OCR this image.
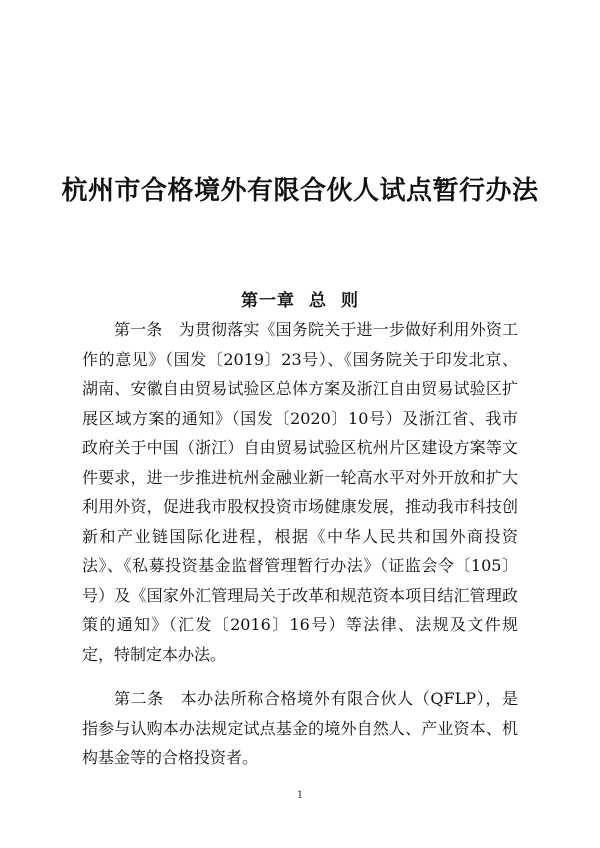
杭州市合格境外有限合伙人试点暂行办法
第一章 总 则

第一条　为贯彻落实《国务院关于进一步做好利用外资工作的意见》（国发〔2019〕23号）、《国务院关于印发北京、湖南、安徽自由贸易试验区总体方案及浙江自由贸易试验区扩展区域方案的通知》（国发〔2020〕10号）及浙江省、我市政府关于中国（浙江）自由贸易试验区杭州片区建设方案等文件要求，进一步推进杭州金融业新一轮高水平对外开放和扩大利用外资，促进我市股权投资市场健康发展，推动我市科技创新和产业链国际化进程，根据《中华人民共和国外商投资法》、《私募投资基金监督管理暂行办法》（证监会令〔105〕号）及《国家外汇管理局关于改革和规范资本项目结汇管理政策的通知》（汇发〔2016〕16号）等法律、法规及文件规定，特制定本办法。

第二条　本办法所称合格境外有限合伙人（QFLP），是指参与认购本办法规定试点基金的境外自然人、产业资本、机构基金等的合格投资者。

1
